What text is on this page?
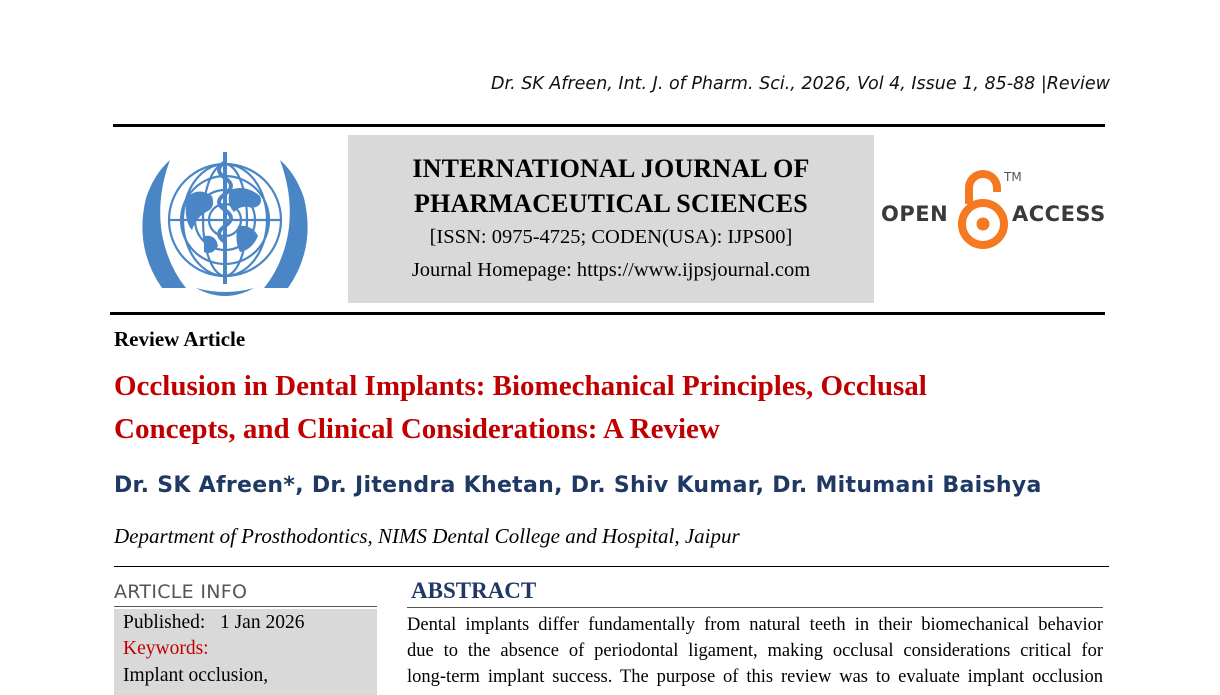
Dr. SK Afreen, Int. J. of Pharm. Sci., 2026, Vol 4, Issue 1, 85-88 |Review
INTERNATIONAL JOURNAL OF
PHARMACEUTICAL SCIENCES
[ISSN: 0975-4725; CODEN(USA): IJPS00]
Journal Homepage: https://www.ijpsjournal.com
OPEN
TM
ACCESS
Review Article
Occlusion in Dental Implants: Biomechanical Principles, Occlusal
Concepts, and Clinical Considerations: A Review
Dr. SK Afreen*, Dr. Jitendra Khetan, Dr. Shiv Kumar, Dr. Mitumani Baishya
Department of Prosthodontics, NIMS Dental College and Hospital, Jaipur
ARTICLE INFO
Published: 1 Jan 2026
Keywords:
Implant occlusion,
ABSTRACT
Dental implants differ fundamentally from natural teeth in their biomechanical behavior
due to the absence of periodontal ligament, making occlusal considerations critical for
long-term implant success. The purpose of this review was to evaluate implant occlusion
